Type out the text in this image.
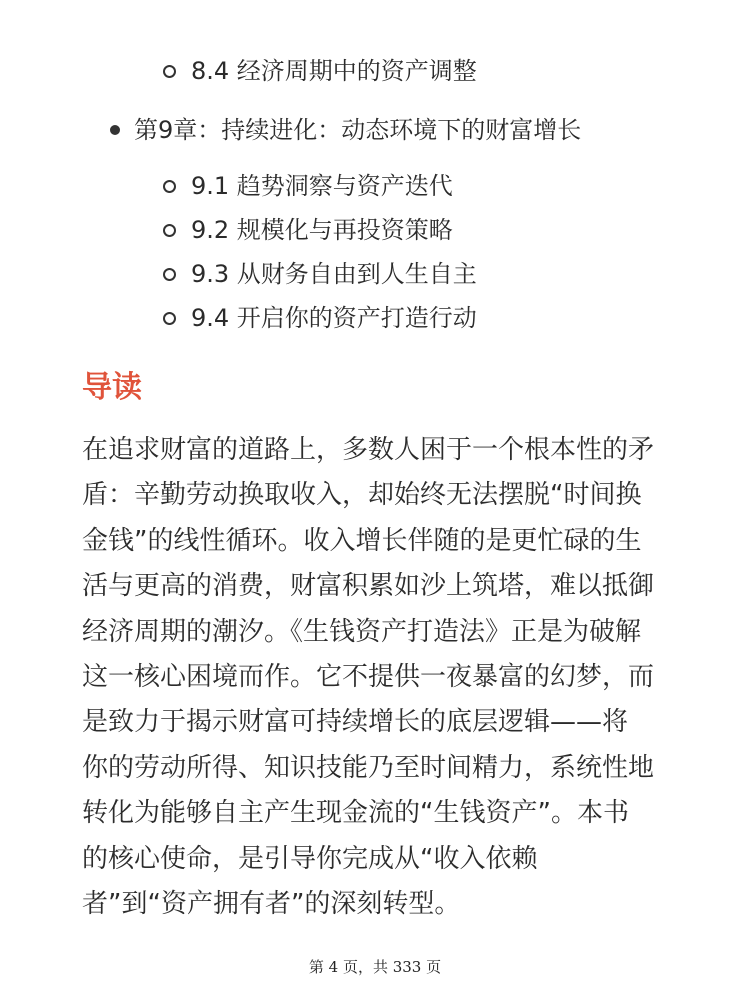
8.4 经济周期中的资产调整
第9章：持续进化：动态环境下的财富增长
9.1 趋势洞察与资产迭代
9.2 规模化与再投资策略
9.3 从财务自由到人生自主
9.4 开启你的资产打造行动
导读
在追求财富的道路上，多数人困于一个根本性的矛
盾：辛勤劳动换取收入，却始终无法摆脱“时间换
金钱”的线性循环。收入增长伴随的是更忙碌的生
活与更高的消费，财富积累如沙上筑塔，难以抵御
经济周期的潮汐。《生钱资产打造法》正是为破解
这一核心困境而作。它不提供一夜暴富的幻梦，而
是致力于揭示财富可持续增长的底层逻辑——将
你的劳动所得、知识技能乃至时间精力，系统性地
转化为能够自主产生现金流的“生钱资产”。本书
的核心使命，是引导你完成从“收入依赖
者”到“资产拥有者”的深刻转型。
第 4 页，共 333 页
